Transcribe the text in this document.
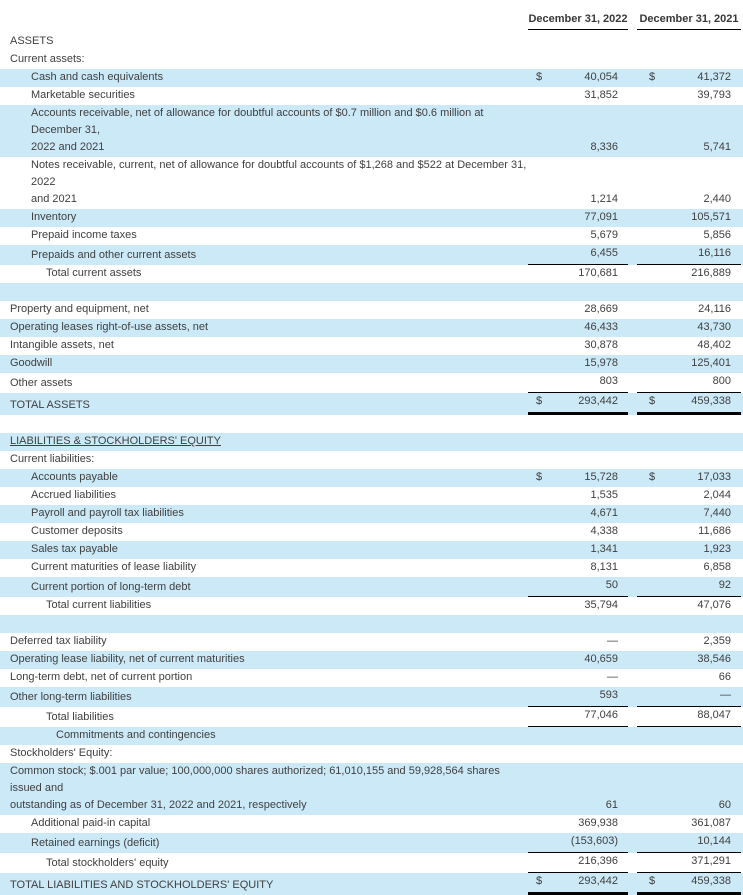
December 31, 2022 December 31, 2021
ASSETS
Current assets:
Cash and cash equivalents	$	40,054	$	41,372
Marketable securities	31,852	39,793
Accounts receivable, net of allowance for doubtful accounts of $0.7 million and $0.6 million at December 31,
2022 and 2021	8,336	5,741
Notes receivable, current, net of allowance for doubtful accounts of $1,268 and $522 at December 31, 2022
and 2021	1,214	2,440
Inventory	77,091	105,571
Prepaid income taxes	5,679	5,856
Prepaids and other current assets	6,455	16,116
Total current assets	170,681	216,889

Property and equipment, net	28,669	24,116
Operating leases right-of-use assets, net	46,433	43,730
Intangible assets, net	30,878	48,402
Goodwill	15,978	125,401
Other assets	803	800
TOTAL ASSETS	$	293,442	$	459,338

LIABILITIES & STOCKHOLDERS' EQUITY
Current liabilities:
Accounts payable	$	15,728	$	17,033
Accrued liabilities	1,535	2,044
Payroll and payroll tax liabilities	4,671	7,440
Customer deposits	4,338	11,686
Sales tax payable	1,341	1,923
Current maturities of lease liability	8,131	6,858
Current portion of long-term debt	50	92
Total current liabilities	35,794	47,076

Deferred tax liability	—	2,359
Operating lease liability, net of current maturities	40,659	38,546
Long-term debt, net of current portion	—	66
Other long-term liabilities	593	—
Total liabilities	77,046	88,047
Commitments and contingencies
Stockholders' Equity:
Common stock; $.001 par value; 100,000,000 shares authorized; 61,010,155 and 59,928,564 shares issued and
outstanding as of December 31, 2022 and 2021, respectively	61	60
Additional paid-in capital	369,938	361,087
Retained earnings (deficit)	(153,603)	10,144
Total stockholders' equity	216,396	371,291
TOTAL LIABILITIES AND STOCKHOLDERS' EQUITY	$	293,442	$	459,338
